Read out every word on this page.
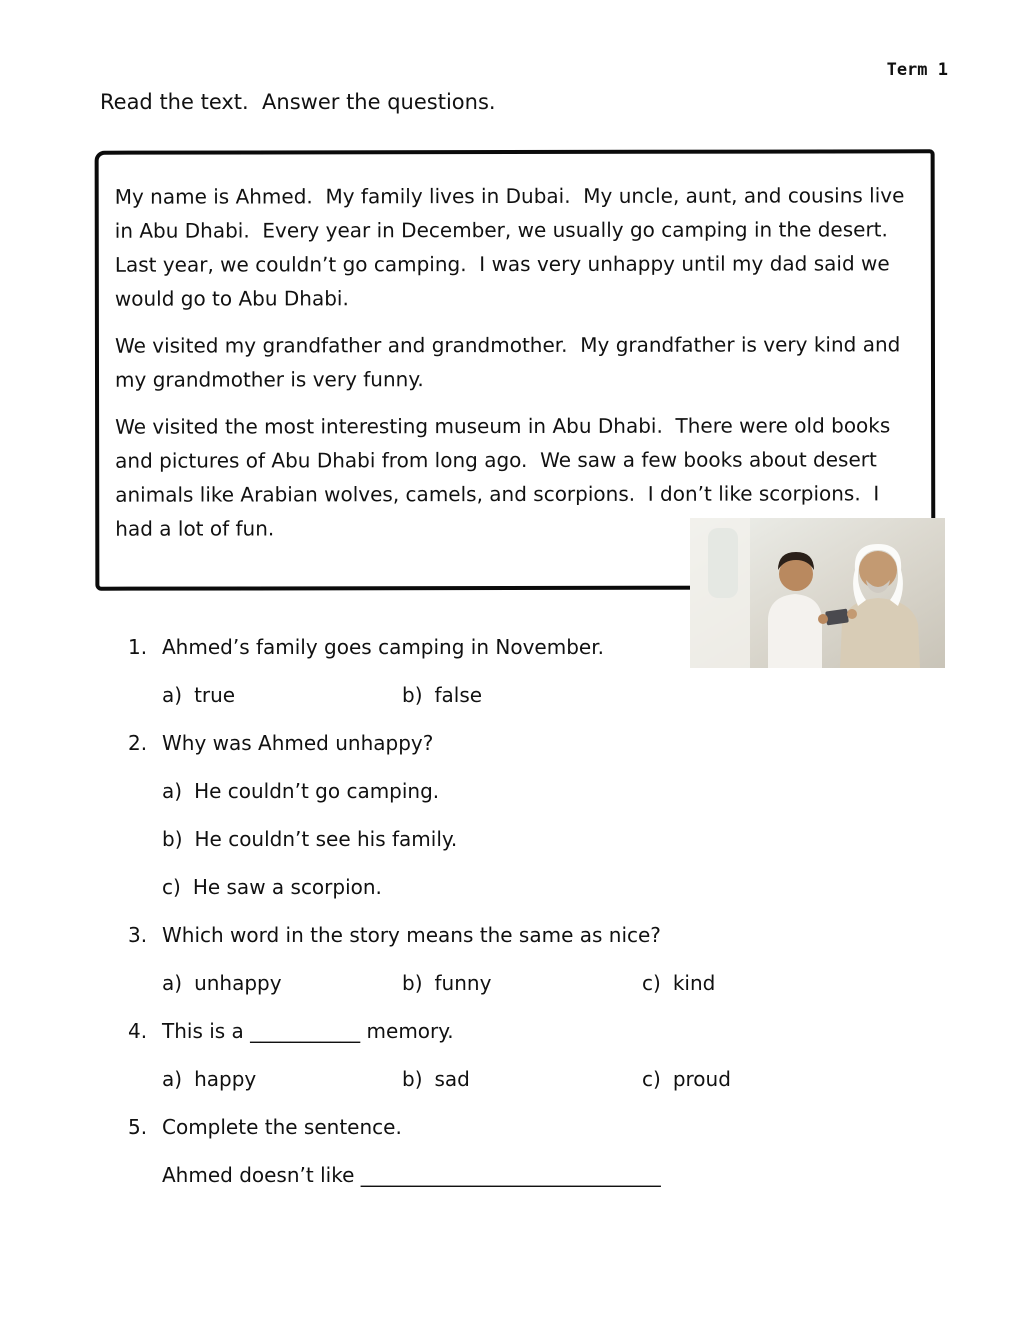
Term 1
Read the text.  Answer the questions.

My name is Ahmed.  My family lives in Dubai.  My uncle, aunt, and cousins live in Abu Dhabi.  Every year in December, we usually go camping in the desert.  Last year, we couldn’t go camping.  I was very unhappy until my dad said we would go to Abu Dhabi.

We visited my grandfather and grandmother.  My grandfather is very kind and my grandmother is very funny.

We visited the most interesting museum in Abu Dhabi.  There were old books and pictures of Abu Dhabi from long ago.  We saw a few books about desert animals like Arabian wolves, camels, and scorpions.  I don’t like scorpions.  I had a lot of fun.

1. Ahmed’s family goes camping in November.
a) true	b) false
2. Why was Ahmed unhappy?
a) He couldn’t go camping.
b) He couldn’t see his family.
c) He saw a scorpion.
3. Which word in the story means the same as nice?
a) unhappy	b) funny	c) kind
4. This is a ___________ memory.
a) happy	b) sad	c) proud
5. Complete the sentence.
Ahmed doesn’t like ______________________________
